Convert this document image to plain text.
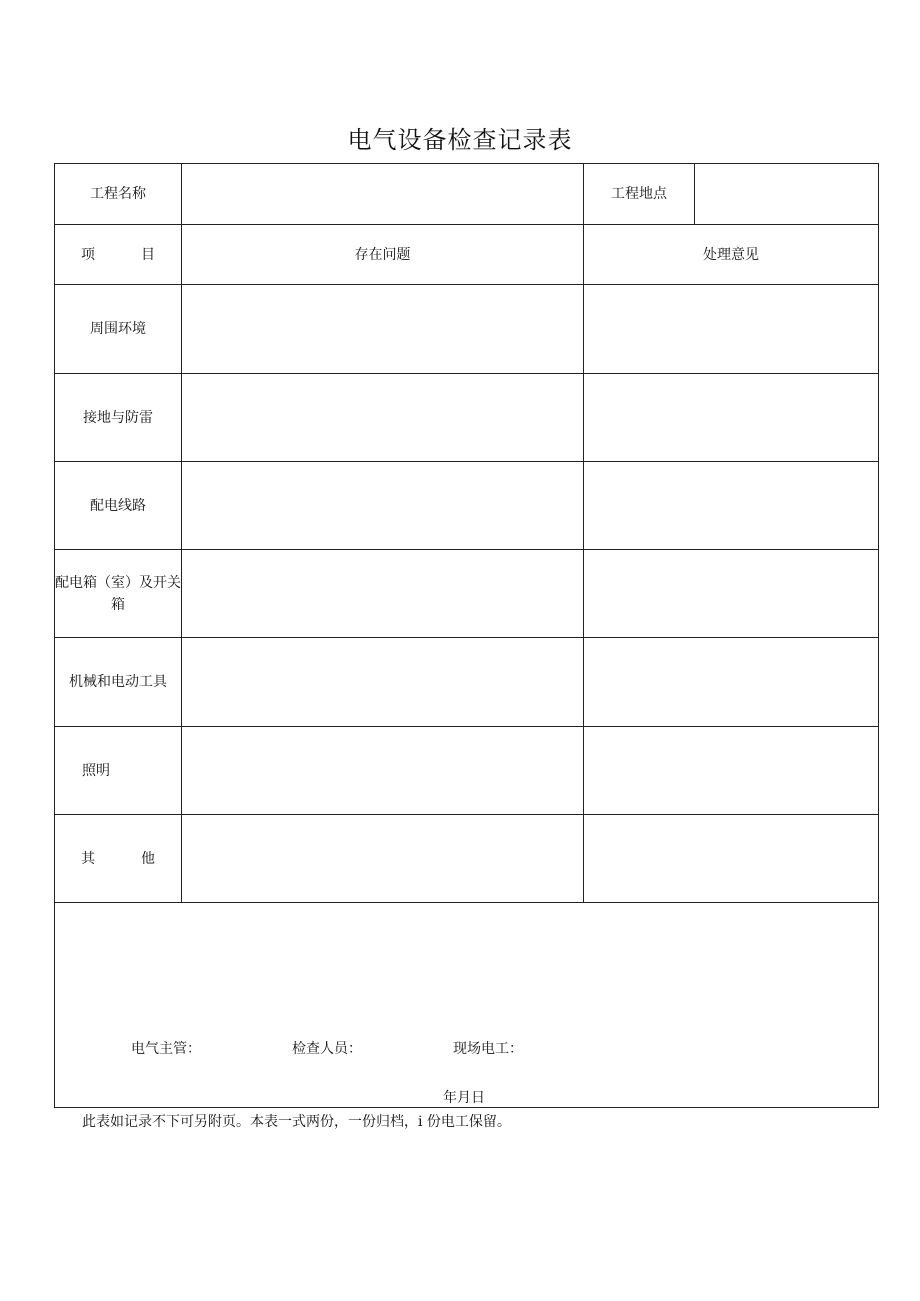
电气设备检查记录表
工程名称		工程地点	

项 目	存在问题	处理意见	
周围环境			
接地与防雷			
配电线路			
配电箱（室）及开关箱			
机械和电动工具			

照明			

其 他			

电气主管： 检查人员： 现场电工：
年月日			
此表如记录不下可另附页。本表一式两份，一份归档，i 份电工保留。
